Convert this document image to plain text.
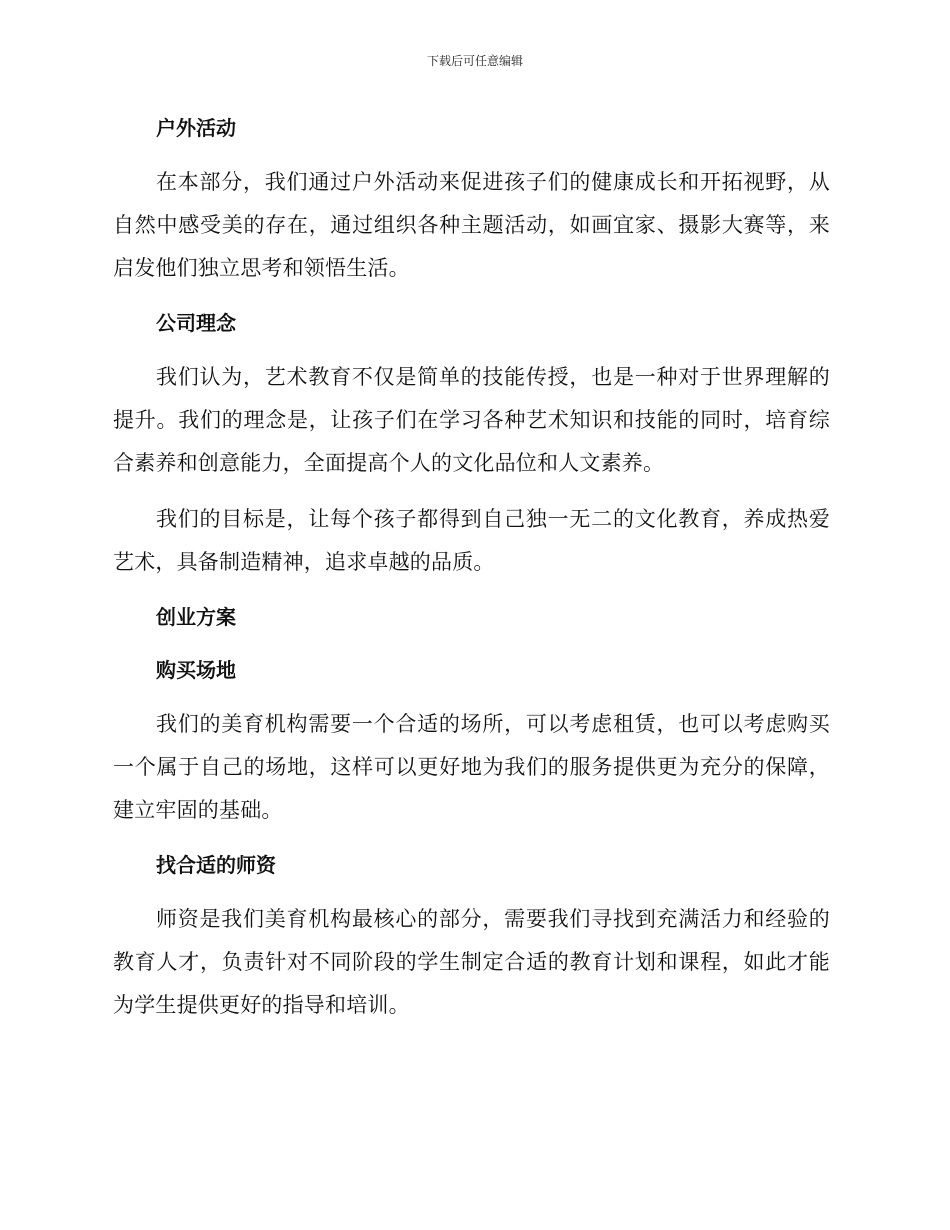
下载后可任意编辑
户外活动

在本部分，我们通过户外活动来促进孩子们的健康成长和开拓视野，从自然中感受美的存在，通过组织各种主题活动，如画宜家、摄影大赛等，来启发他们独立思考和领悟生活。

公司理念

我们认为，艺术教育不仅是简单的技能传授，也是一种对于世界理解的提升。我们的理念是，让孩子们在学习各种艺术知识和技能的同时，培育综合素养和创意能力，全面提高个人的文化品位和人文素养。

我们的目标是，让每个孩子都得到自己独一无二的文化教育，养成热爱艺术，具备制造精神，追求卓越的品质。

创业方案
购买场地

我们的美育机构需要一个合适的场所，可以考虑租赁，也可以考虑购买一个属于自己的场地，这样可以更好地为我们的服务提供更为充分的保障，建立牢固的基础。

找合适的师资

师资是我们美育机构最核心的部分，需要我们寻找到充满活力和经验的教育人才，负责针对不同阶段的学生制定合适的教育计划和课程，如此才能为学生提供更好的指导和培训。
